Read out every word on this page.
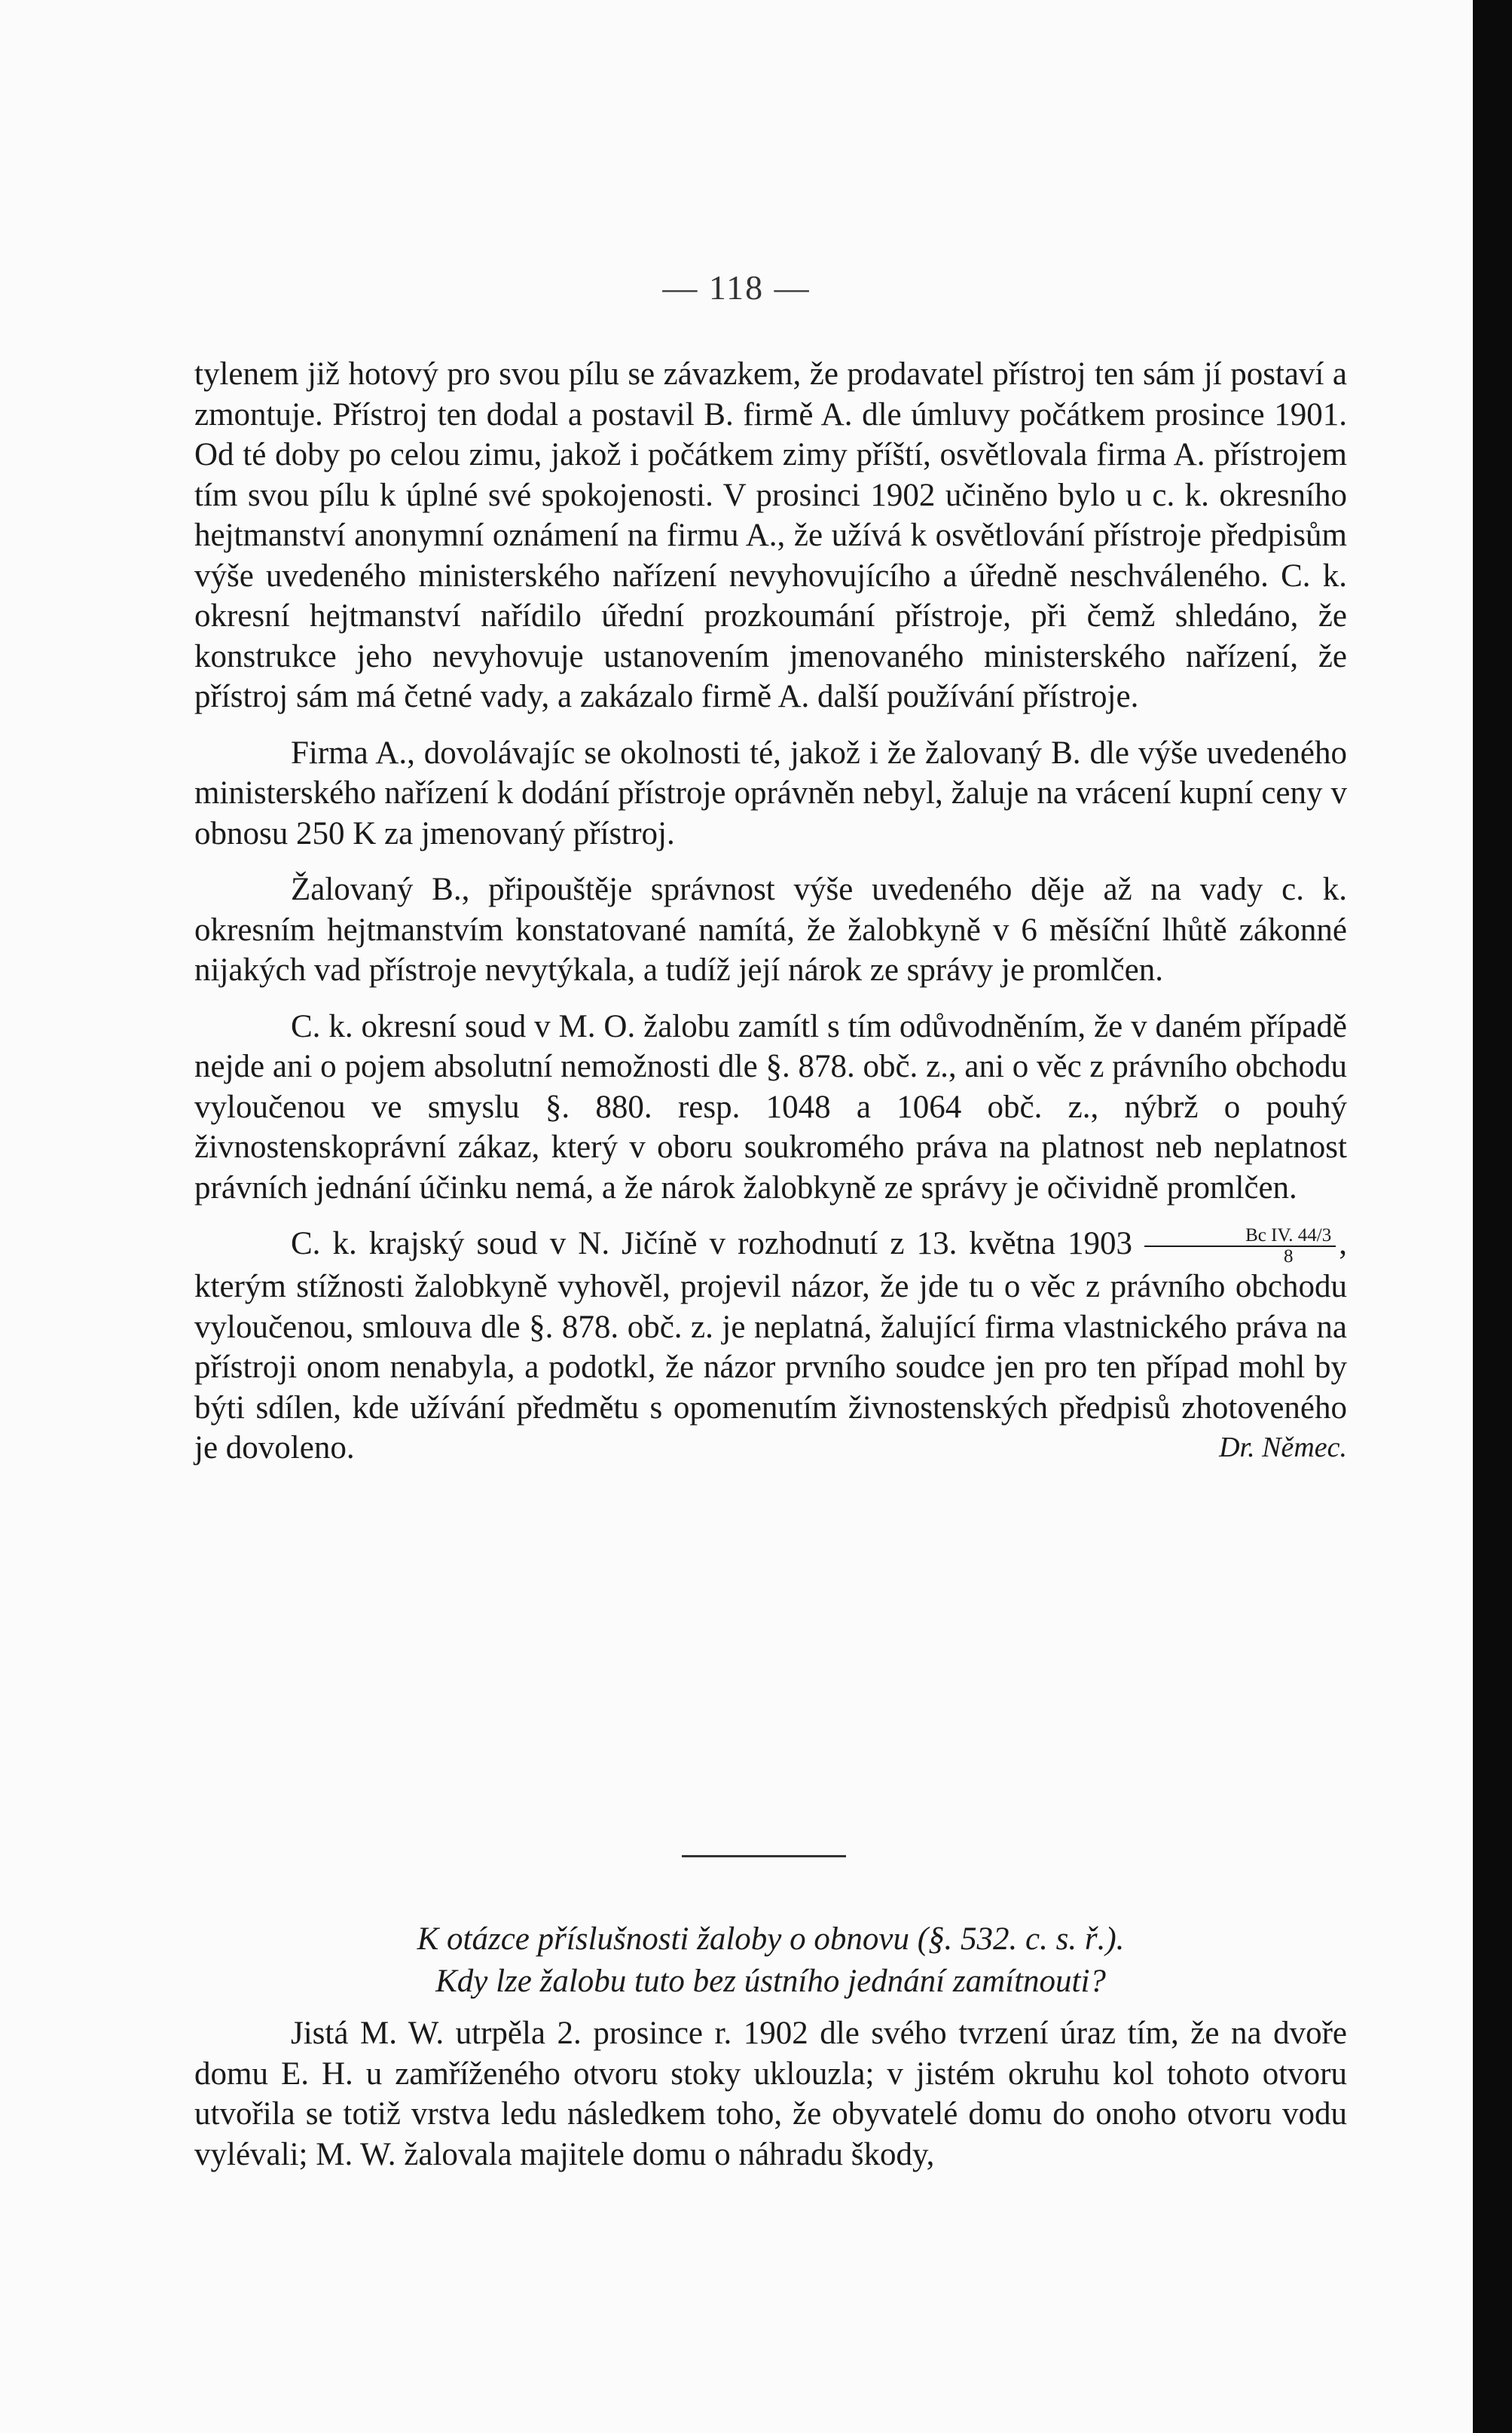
— 118 —

tylenem již hotový pro svou pílu se závazkem, že prodavatel přístroj ten sám jí postaví a zmontuje. Přístroj ten dodal a postavil B. firmě A. dle úmluvy počátkem prosince 1901. Od té doby po celou zimu, jakož i počátkem zimy příští, osvětlovala firma A. přístrojem tím svou pílu k úplné své spokojenosti. V prosinci 1902 učiněno bylo u c. k. okresního hejtmanství anonymní oznámení na firmu A., že užívá k osvětlování přístroje předpisům výše uvedeného ministerského nařízení nevyhovujícího a úředně neschváleného. C. k. okresní hejtmanství nařídilo úřední prozkoumání přístroje, při čemž shledáno, že konstrukce jeho nevyhovuje ustanovením jmenovaného ministerského nařízení, že přístroj sám má četné vady, a zakázalo firmě A. další používání přístroje.

Firma A., dovolávajíc se okolnosti té, jakož i že žalovaný B. dle výše uvedeného ministerského nařízení k dodání přístroje oprávněn nebyl, žaluje na vrácení kupní ceny v obnosu 250 K za jmenovaný přístroj.

Žalovaný B., připouštěje správnost výše uvedeného děje až na vady c. k. okresním hejtmanstvím konstatované namítá, že žalobkyně v 6 měsíční lhůtě zákonné nijakých vad přístroje nevytýkala, a tudíž její nárok ze správy je promlčen.

C. k. okresní soud v M. O. žalobu zamítl s tím odůvodněním, že v daném případě nejde ani o pojem absolutní nemožnosti dle §. 878. obč. z., ani o věc z právního obchodu vyloučenou ve smyslu §. 880. resp. 1048 a 1064 obč. z., nýbrž o pouhý živnostenskoprávní zákaz, který v oboru soukromého práva na platnost neb neplatnost právních jednání účinku nemá, a že nárok žalobkyně ze správy je očividně promlčen.

C. k. krajský soud v N. Jičíně v rozhodnutí z 13. května $1903 \frac{\text{Bc IV. 44/3}}{8}$ , kterým stížnosti žalobkyně vyhověl, projevil názor, že jde tu o věc z právního obchodu vyloučenou, smlouva dle §. 878. obč. z. je neplatná, žalující firma vlastnického práva na přístroji onom nenabyla, a podotkl, že názor prvního soudce jen pro ten případ mohl by býti sdílen, kde užívání předmětu s opomenutím živnostenských předpisů zhotoveného je dovoleno.	Dr. Němec.

K otázce příslušnosti žaloby o obnovu (§. 532. c. s. ř.).
Kdy lze žalobu tuto bez ústního jednání zamítnouti?

Jistá M. W. utrpěla 2. prosince r. 1902 dle svého tvrzení úraz tím, že na dvoře domu E. H. u zamříženého otvoru stoky uklouzla; v jistém okruhu kol tohoto otvoru utvořila se totiž vrstva ledu následkem toho, že obyvatelé domu do onoho otvoru vodu vylévali; M. W. žalovala majitele domu o náhradu škody,
